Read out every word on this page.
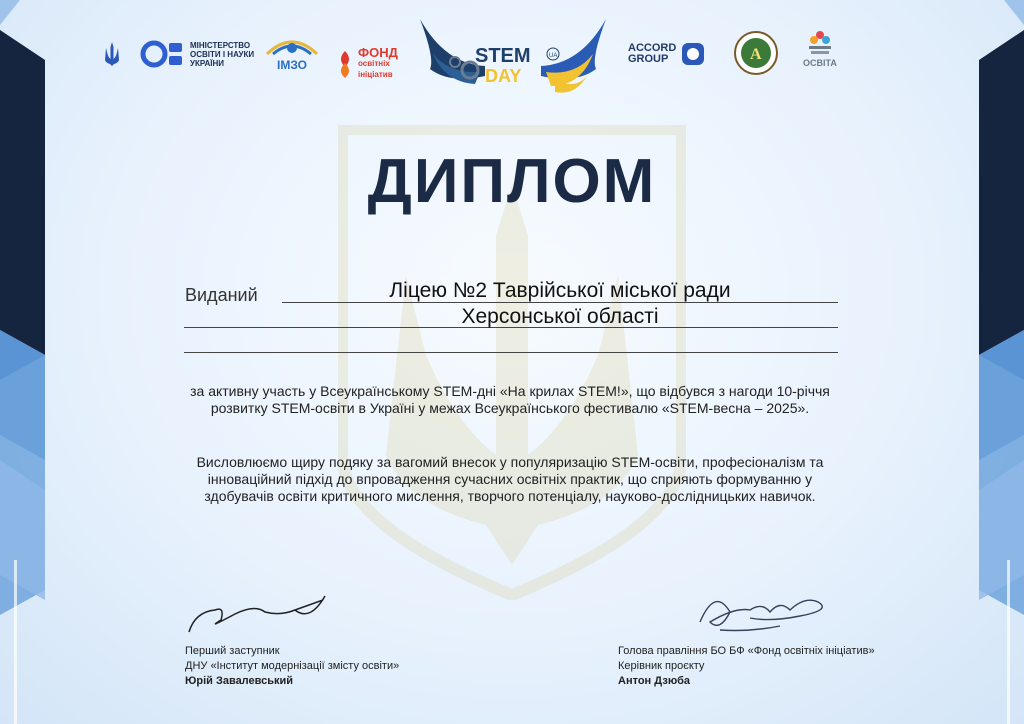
МІНІСТЕРСТВО
ОСВІТИ І НАУКИ
УКРАЇНИ	ІМЗО

ФОНД

освітніх
ініціатив

STEM
DAY
UA
ACCORD
GROUP	А	ОСВІТА
ДИПЛОМ
Виданий	Ліцею №2 Таврійської міської ради
Херсонської області
за активну участь у Всеукраїнському STEM-дні «На крилах STEM!», що відбувся з нагоди 10-річчя розвитку STEM-освіти в Україні у межах Всеукраїнського фестивалю «STEM-весна – 2025».
Висловлюємо щиру подяку за вагомий внесок у популяризацію STEM-освіти, професіоналізм та інноваційний підхід до впровадження сучасних освітніх практик, що сприяють формуванню у здобувачів освіти критичного мислення, творчого потенціалу, науково-дослідницьких навичок.
Перший заступник
ДНУ «Інститут модернізації змісту освіти»
Юрій Завалевський
Голова правління БО БФ «Фонд освітніх ініціатив»
Керівник проєкту
Антон Дзюба
